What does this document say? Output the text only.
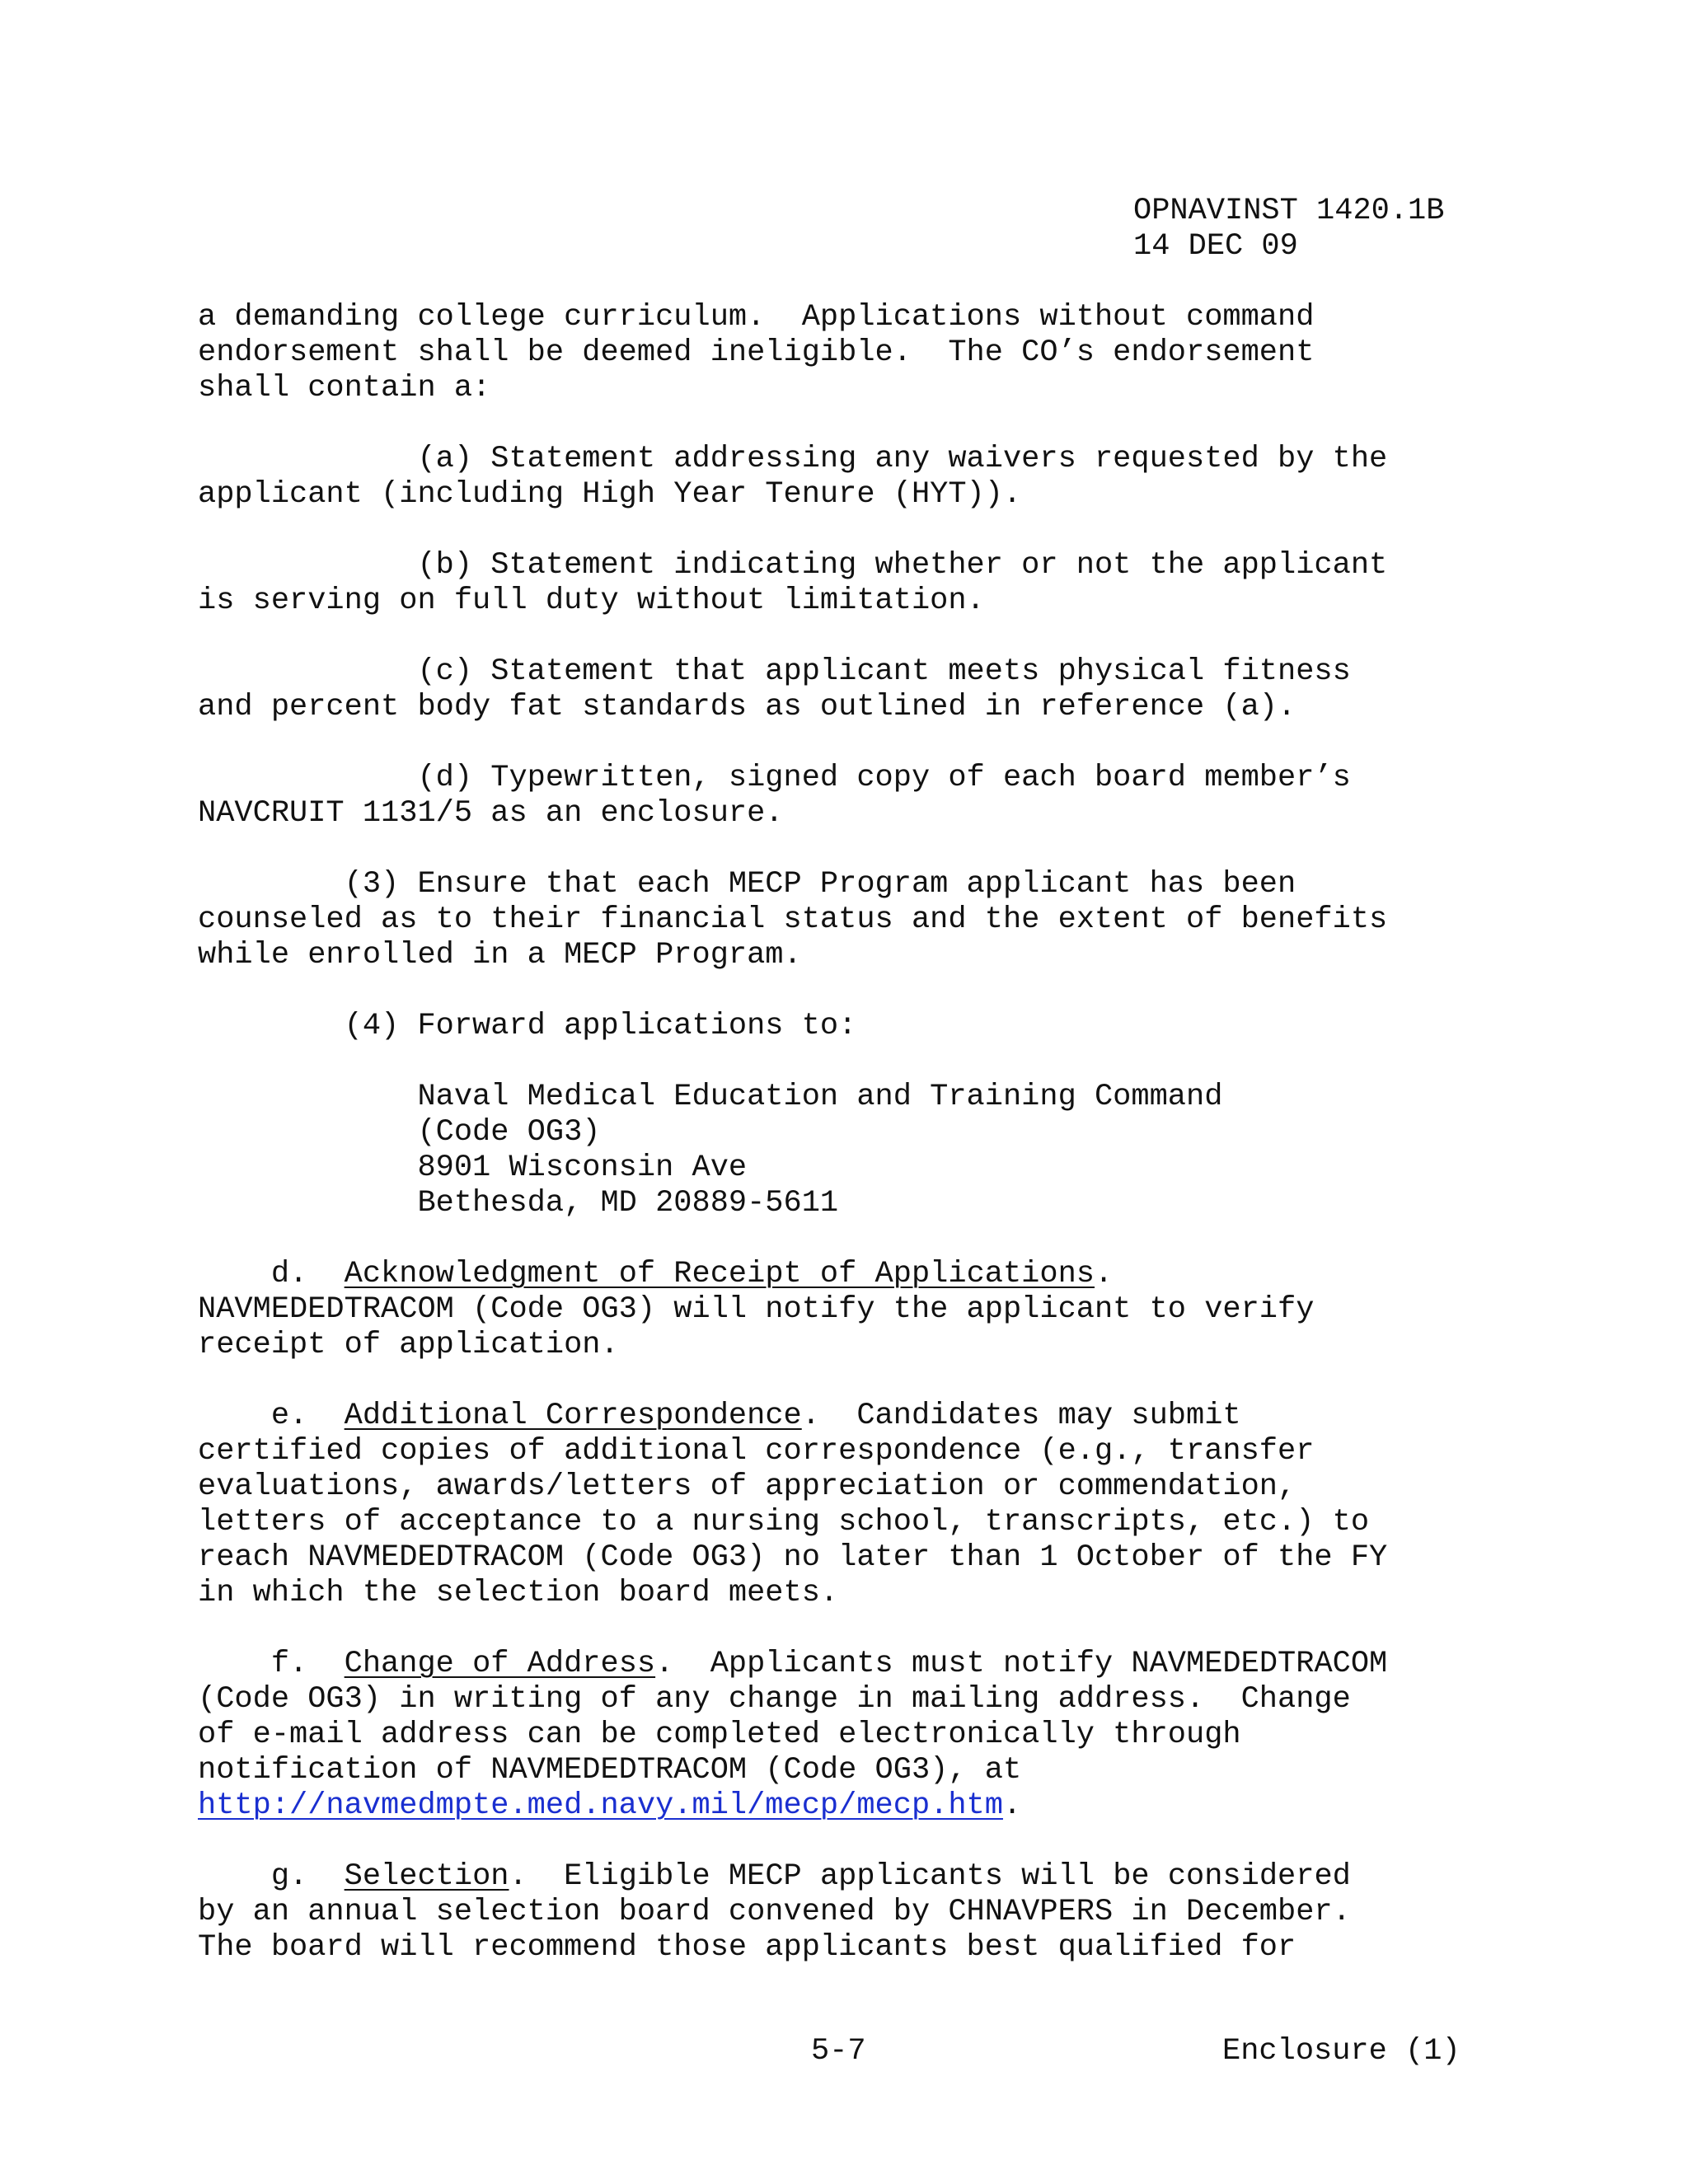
OPNAVINST 1420.1B
14 DEC 09
a demanding college curriculum.  Applications without command
endorsement shall be deemed ineligible.  The CO’s endorsement
shall contain a:
(a) Statement addressing any waivers requested by the
applicant (including High Year Tenure (HYT)).
(b) Statement indicating whether or not the applicant
is serving on full duty without limitation.
(c) Statement that applicant meets physical fitness
and percent body fat standards as outlined in reference (a).
(d) Typewritten, signed copy of each board member’s
NAVCRUIT 1131/5 as an enclosure.
(3) Ensure that each MECP Program applicant has been
counseled as to their financial status and the extent of benefits
while enrolled in a MECP Program.
(4) Forward applications to:
Naval Medical Education and Training Command
(Code OG3)
8901 Wisconsin Ave
Bethesda, MD 20889-5611
d.  Acknowledgment of Receipt of Applications.
NAVMEDEDTRACOM (Code OG3) will notify the applicant to verify
receipt of application.
e.  Additional Correspondence.  Candidates may submit
certified copies of additional correspondence (e.g., transfer
evaluations, awards/letters of appreciation or commendation,
letters of acceptance to a nursing school, transcripts, etc.) to
reach NAVMEDEDTRACOM (Code OG3) no later than 1 October of the FY
in which the selection board meets.
f.  Change of Address.  Applicants must notify NAVMEDEDTRACOM
(Code OG3) in writing of any change in mailing address.  Change
of e-mail address can be completed electronically through
notification of NAVMEDEDTRACOM (Code OG3), at
http://navmedmpte.med.navy.mil/mecp/mecp.htm.
g.  Selection.  Eligible MECP applicants will be considered
by an annual selection board convened by CHNAVPERS in December.
The board will recommend those applicants best qualified for
5-7	Enclosure (1)
